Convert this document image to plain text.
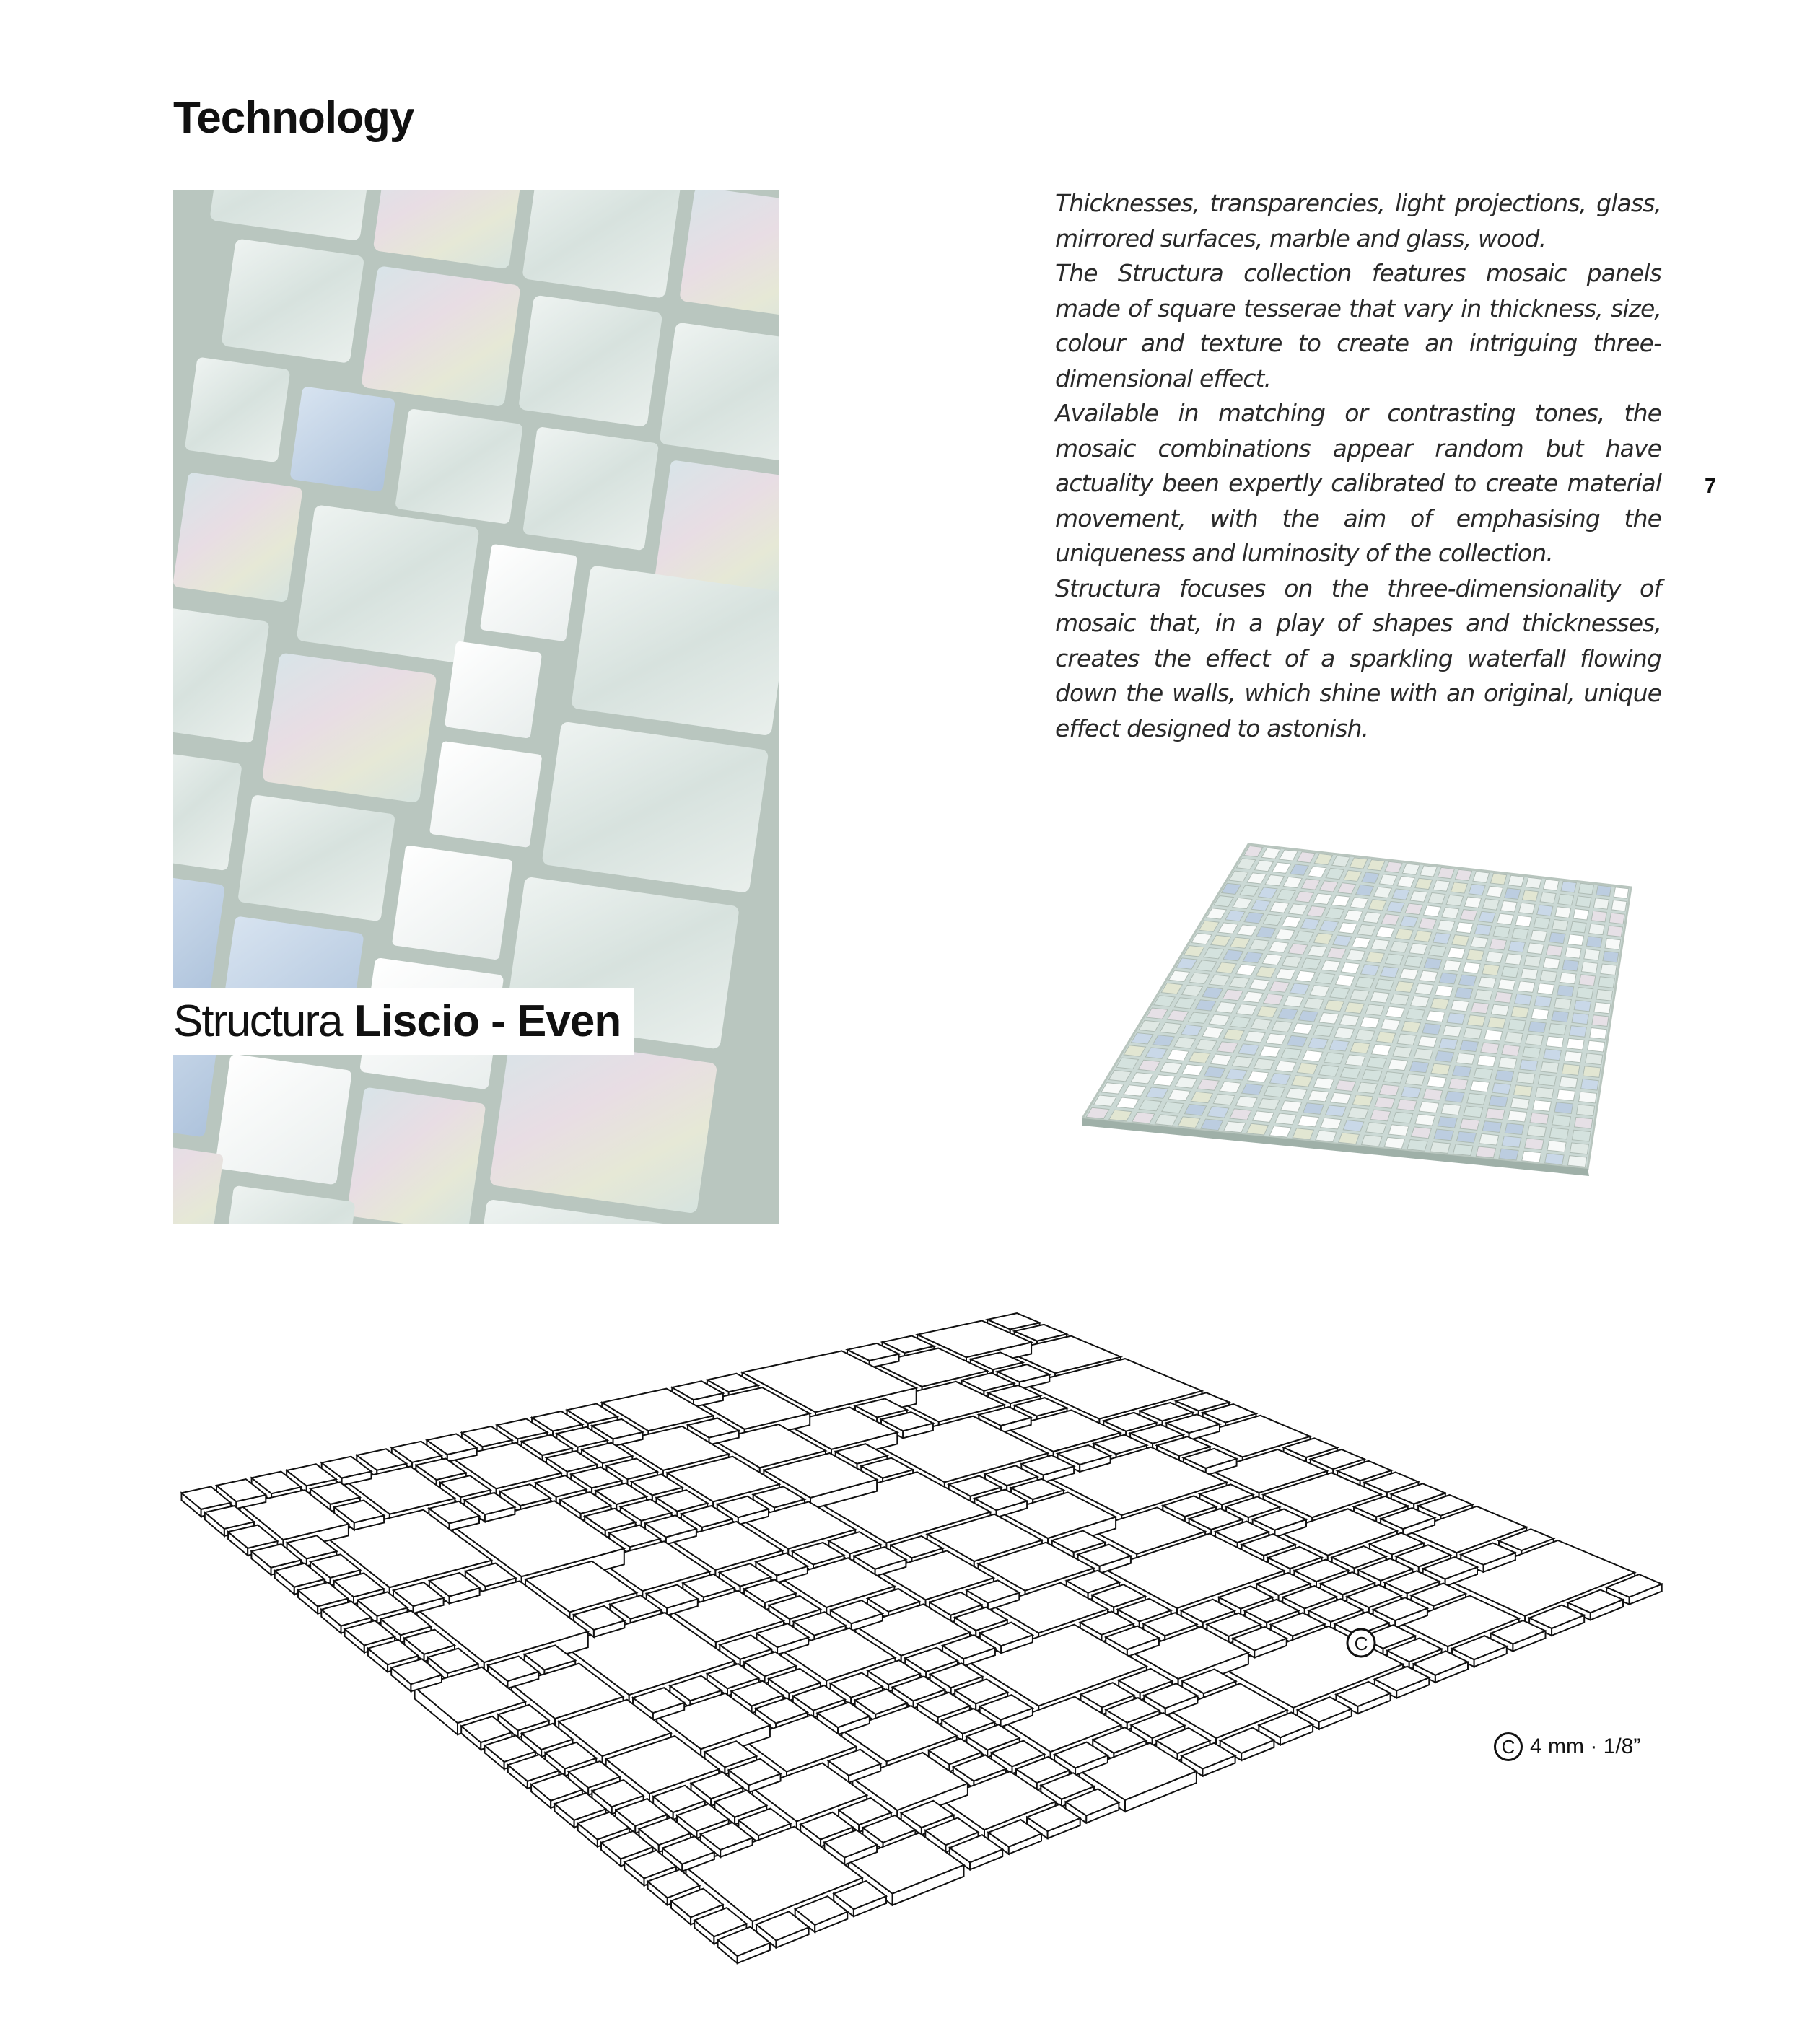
Technology
Structura Liscio - Even

Thicknesses, transparencies, light projections, glass, mirrored surfaces, marble and glass, wood.

The Structura collection features mosaic panels made of square tesserae that vary in thickness, size, colour and texture to create an intriguing three-dimensional effect.

Available in matching or contrasting tones, the mosaic combinations appear random but have actuality been expertly calibrated to create material movement, with the aim of emphasising the uniqueness and luminosity of the collection.

Structura focuses on the three-dimensionality of mosaic that, in a play of shapes and thicknesses, creates the effect of a sparkling waterfall flowing down the walls, which shine with an original, unique effect designed to astonish.

7
C
C 4 mm · 1/8”
